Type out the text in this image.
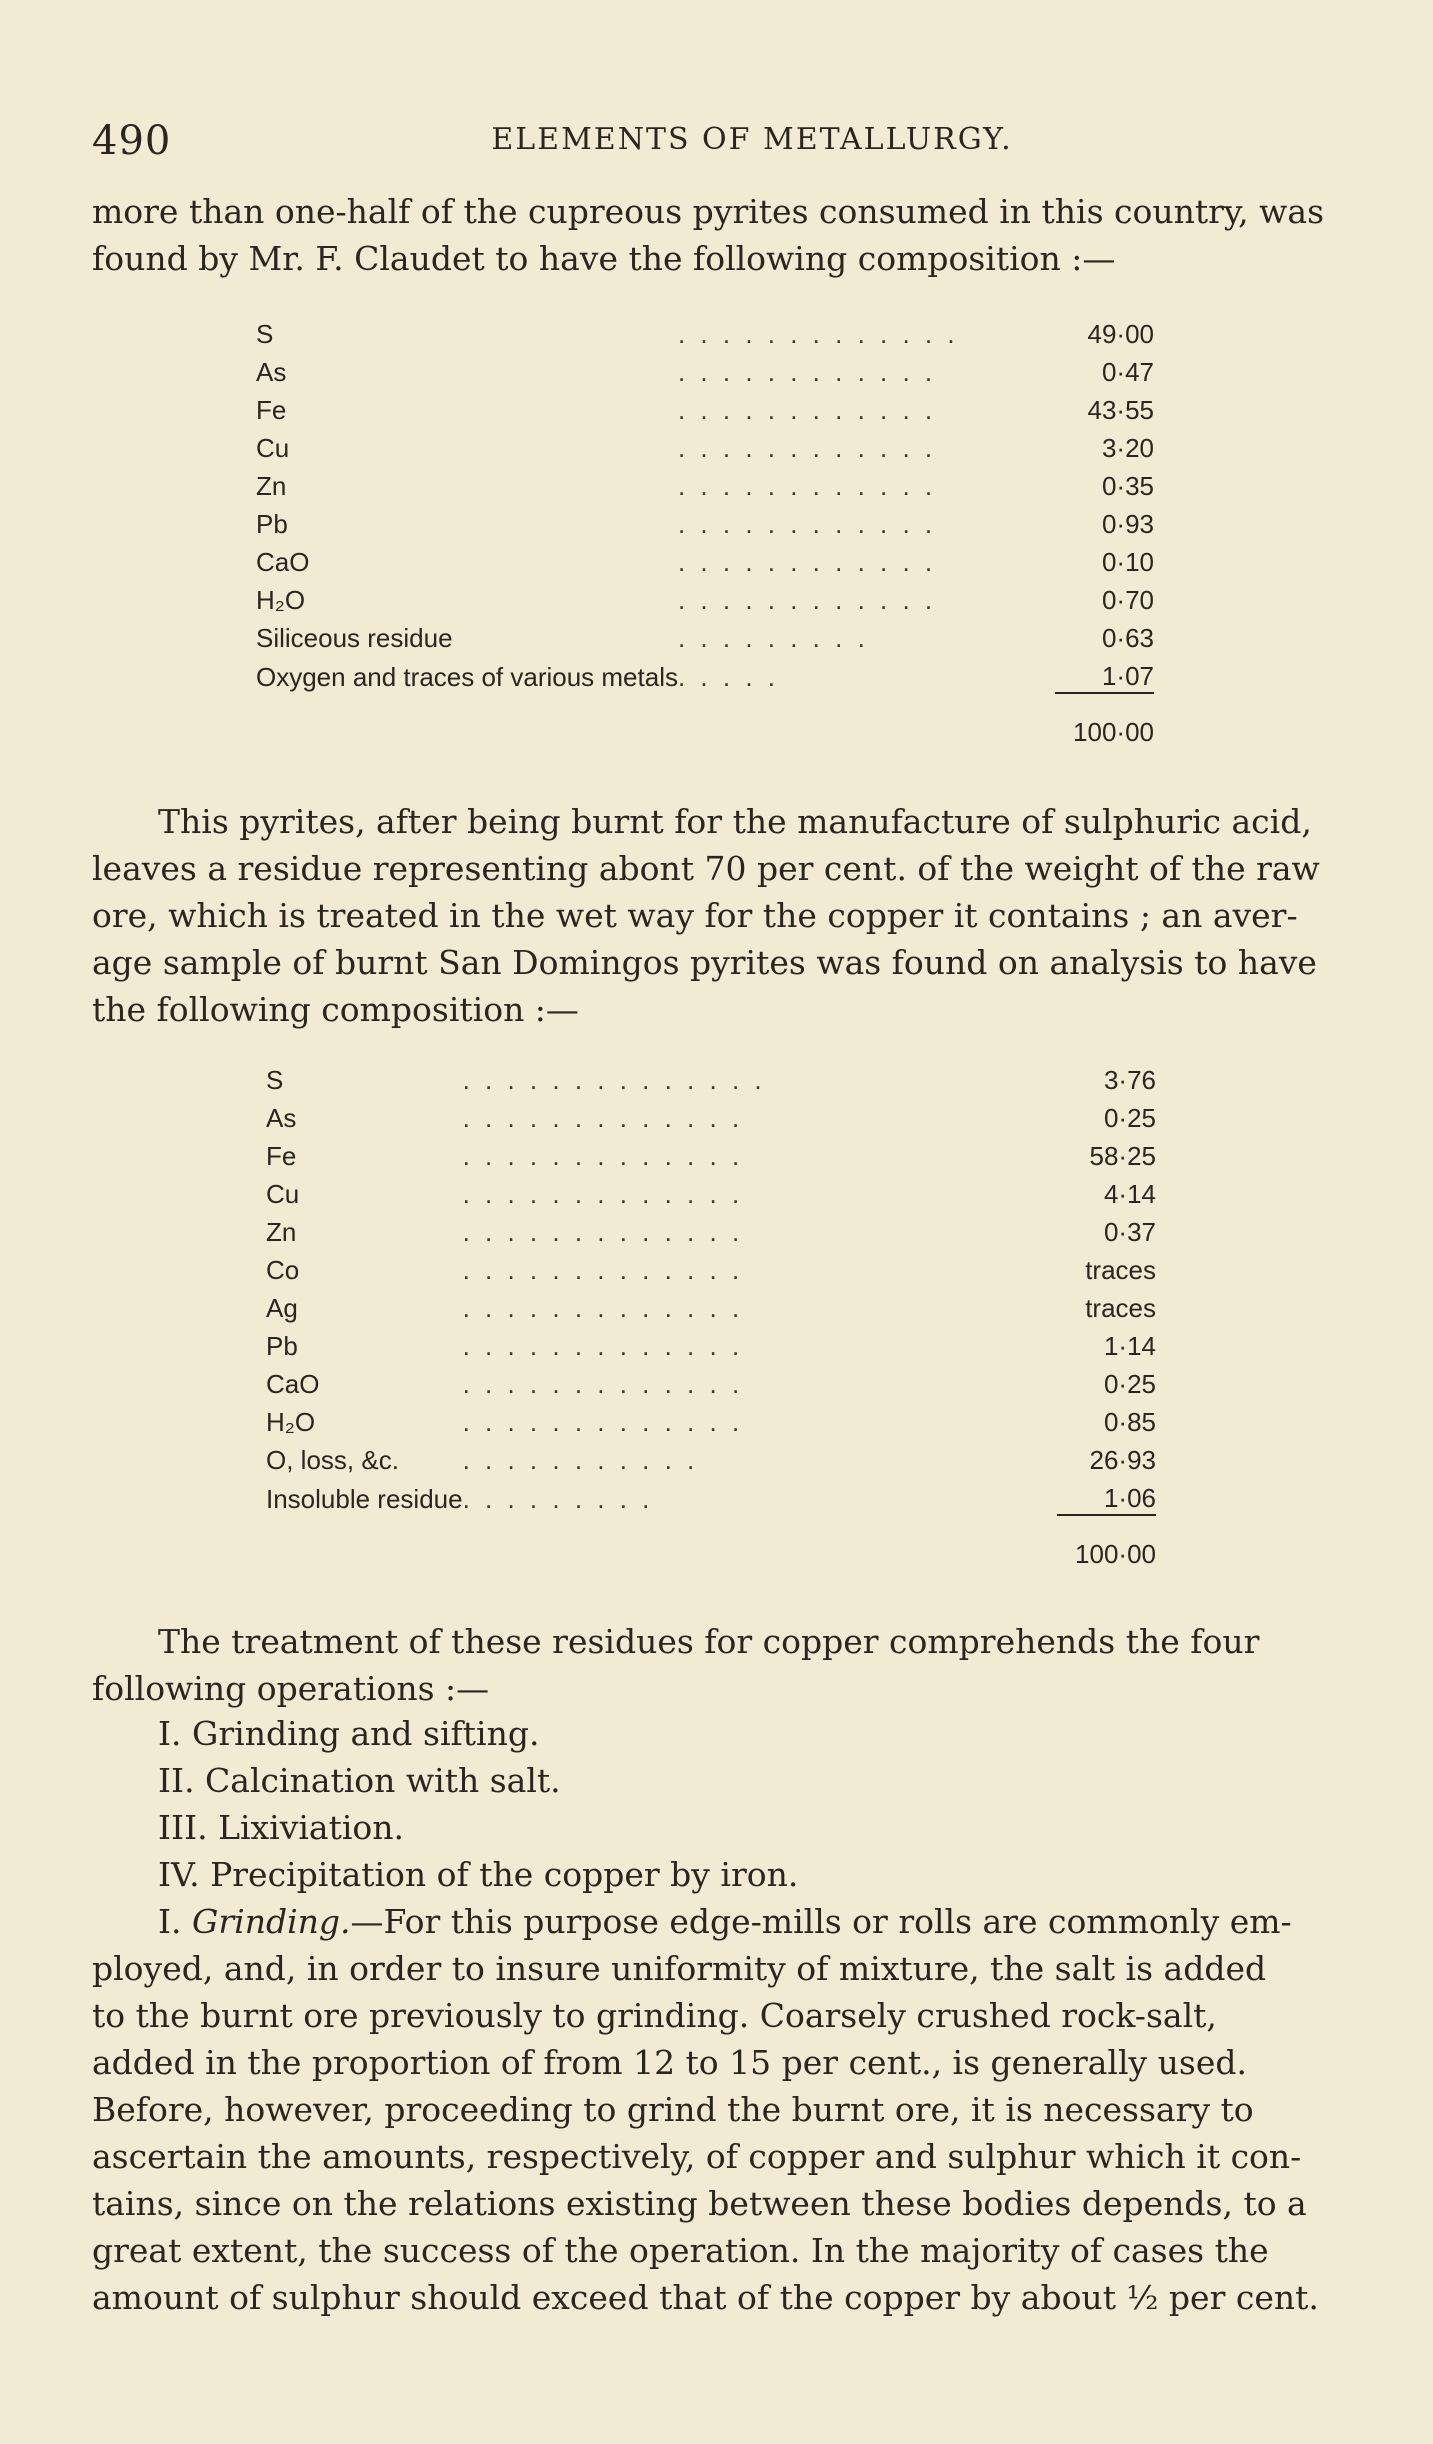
490	ELEMENTS OF METALLURGY.
more than one-half of the cupreous pyrites consumed in this country, was
found by Mr. F. Claudet to have the following composition :—
S	. . . . . . . . . . . . .	49·00
As	. . . . . . . . . . . .	0·47
Fe	. . . . . . . . . . . .	43·55
Cu	. . . . . . . . . . . .	3·20
Zn	. . . . . . . . . . . .	0·35
Pb	. . . . . . . . . . . .	0·93
CaO	. . . . . . . . . . . .	0·10
H₂O	. . . . . . . . . . . .	0·70
Siliceous residue	. . . . . . . . .	0·63
Oxygen and traces of various metals	. . . . .	1·07
		100·00
This pyrites, after being burnt for the manufacture of sulphuric acid,
leaves a residue representing abont 70 per cent. of the weight of the raw
ore, which is treated in the wet way for the copper it contains ; an aver-
age sample of burnt San Domingos pyrites was found on analysis to have
the following composition :—
S	. . . . . . . . . . . . . .	3·76
As	. . . . . . . . . . . . .	0·25
Fe	. . . . . . . . . . . . .	58·25
Cu	. . . . . . . . . . . . .	4·14
Zn	. . . . . . . . . . . . .	0·37
Co	. . . . . . . . . . . . .	traces
Ag	. . . . . . . . . . . . .	traces
Pb	. . . . . . . . . . . . .	1·14
CaO	. . . . . . . . . . . . .	0·25
H₂O	. . . . . . . . . . . . .	0·85
O, loss, &c.	. . . . . . . . . . .	26·93
Insoluble residue	. . . . . . . . .	1·06
		100·00
The treatment of these residues for copper comprehends the four
following operations :—
I. Grinding and sifting.
II. Calcination with salt.
III. Lixiviation.
IV. Precipitation of the copper by iron.
I. Grinding.—For this purpose edge-mills or rolls are commonly em-
ployed, and, in order to insure uniformity of mixture, the salt is added
to the burnt ore previously to grinding. Coarsely crushed rock-salt,
added in the proportion of from 12 to 15 per cent., is generally used.
Before, however, proceeding to grind the burnt ore, it is necessary to
ascertain the amounts, respectively, of copper and sulphur which it con-
tains, since on the relations existing between these bodies depends, to a
great extent, the success of the operation. In the majority of cases the
amount of sulphur should exceed that of the copper by about ½ per cent.
